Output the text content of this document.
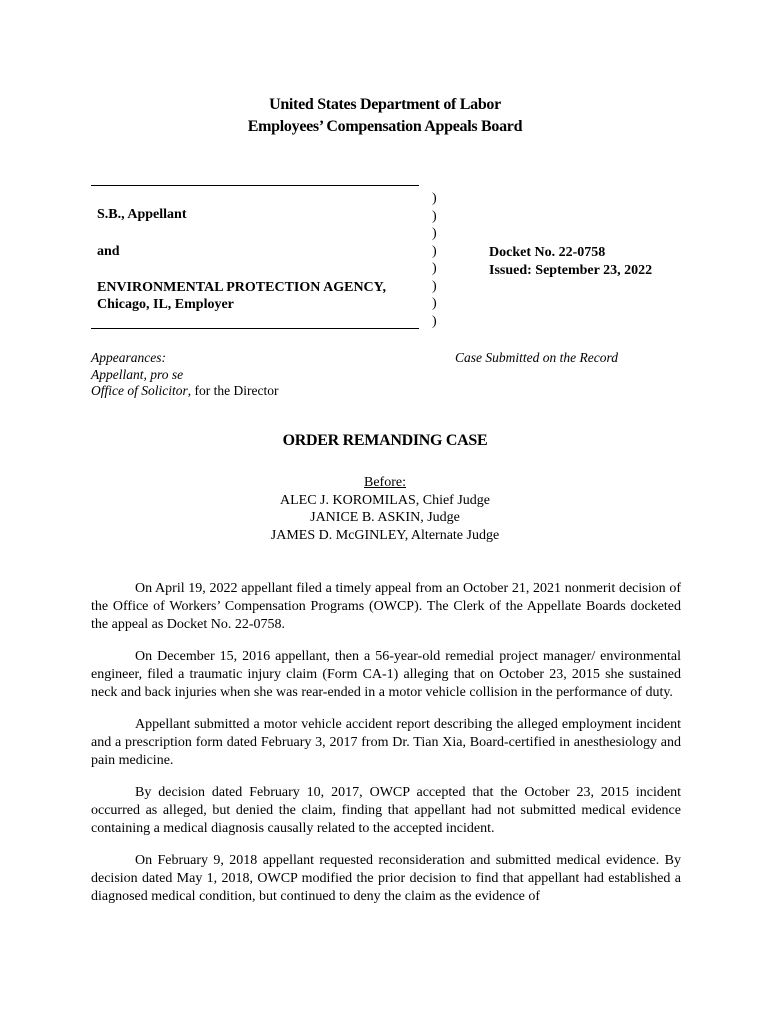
United States Department of Labor
Employees’ Compensation Appeals Board
S.B., Appellant
and
ENVIRONMENTAL PROTECTION AGENCY,
Chicago, IL, Employer
)
)
)
)
)
)
)
)
Docket No. 22-0758
Issued: September 23, 2022
Appearances:
Appellant, pro se
Office of Solicitor, for the Director
Case Submitted on the Record
ORDER REMANDING CASE
Before:
ALEC J. KOROMILAS, Chief Judge
JANICE B. ASKIN, Judge
JAMES D. McGINLEY, Alternate Judge

On April 19, 2022 appellant filed a timely appeal from an October 21, 2021 nonmerit decision of the Office of Workers’ Compensation Programs (OWCP). The Clerk of the Appellate Boards docketed the appeal as Docket No. 22-0758.

On December 15, 2016 appellant, then a 56-year-old remedial project manager/ environmental engineer, filed a traumatic injury claim (Form CA-1) alleging that on October 23, 2015 she sustained neck and back injuries when she was rear-ended in a motor vehicle collision in the performance of duty.

Appellant submitted a motor vehicle accident report describing the alleged employment incident and a prescription form dated February 3, 2017 from Dr. Tian Xia, Board-certified in anesthesiology and pain medicine.

By decision dated February 10, 2017, OWCP accepted that the October 23, 2015 incident occurred as alleged, but denied the claim, finding that appellant had not submitted medical evidence containing a medical diagnosis causally related to the accepted incident.

On February 9, 2018 appellant requested reconsideration and submitted medical evidence. By decision dated May 1, 2018, OWCP modified the prior decision to find that appellant had established a diagnosed medical condition, but continued to deny the claim as the evidence of
